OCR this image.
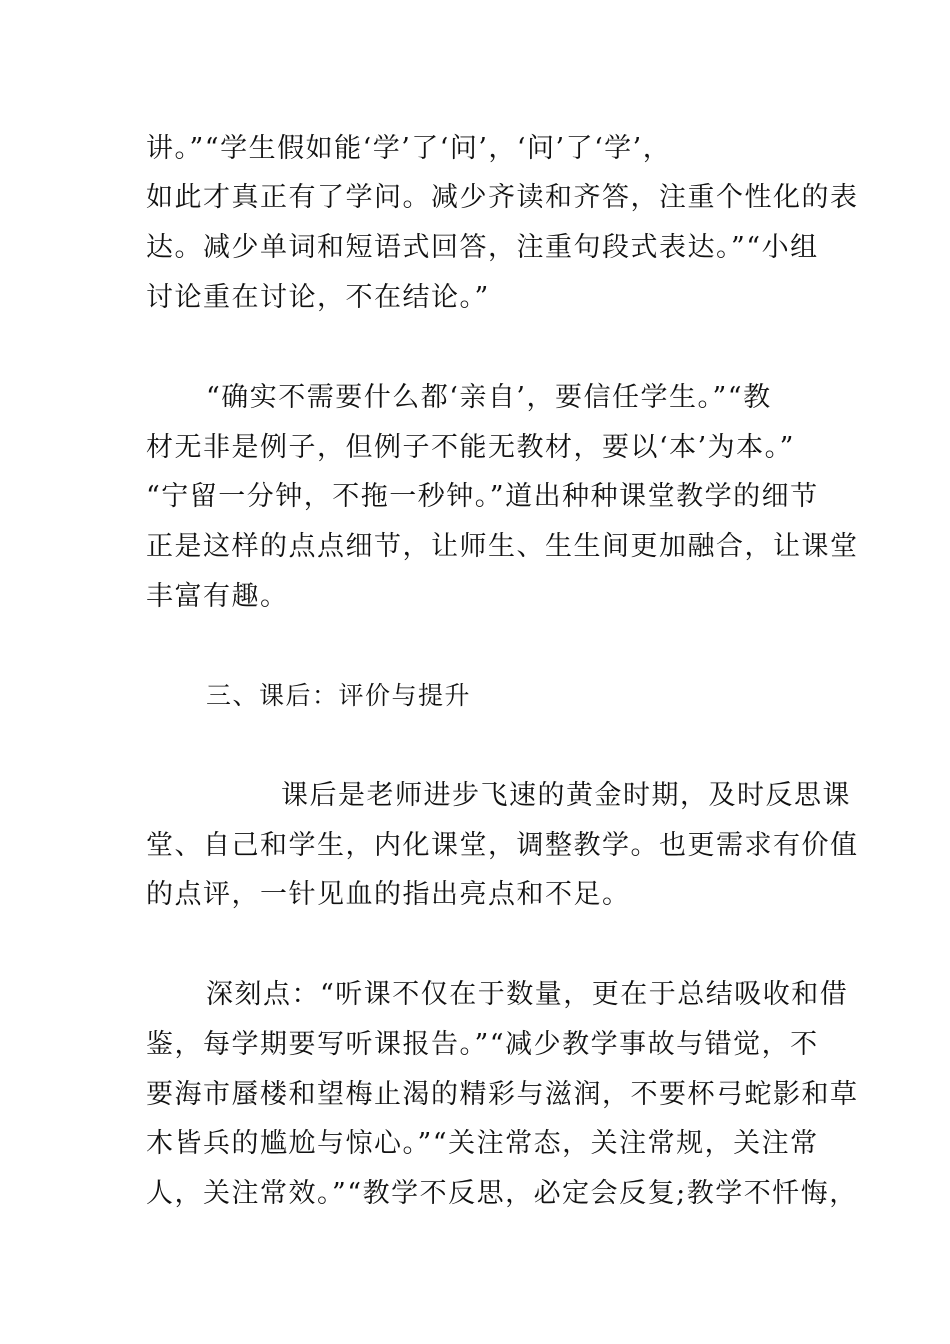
讲。”“学生假如能‘学’了‘问’，‘问’了‘学’，
如此才真正有了学问。减少齐读和齐答，注重个性化的表
达。减少单词和短语式回答，注重句段式表达。”“小组
讨论重在讨论，不在结论。”
“确实不需要什么都‘亲自’，要信任学生。”“教
材无非是例子，但例子不能无教材，要以‘本’为本。”
“宁留一分钟，不拖一秒钟。”道出种种课堂教学的细节
正是这样的点点细节，让师生、生生间更加融合，让课堂
丰富有趣。
三、课后：评价与提升
课后是老师进步飞速的黄金时期，及时反思课
堂、自己和学生，内化课堂，调整教学。也更需求有价值
的点评，一针见血的指出亮点和不足。
深刻点：“听课不仅在于数量，更在于总结吸收和借
鉴，每学期要写听课报告。”“减少教学事故与错觉，不
要海市蜃楼和望梅止渴的精彩与滋润，不要杯弓蛇影和草
木皆兵的尴尬与惊心。”“关注常态，关注常规，关注常
人，关注常效。”“教学不反思，必定会反复;教学不忏悔，
